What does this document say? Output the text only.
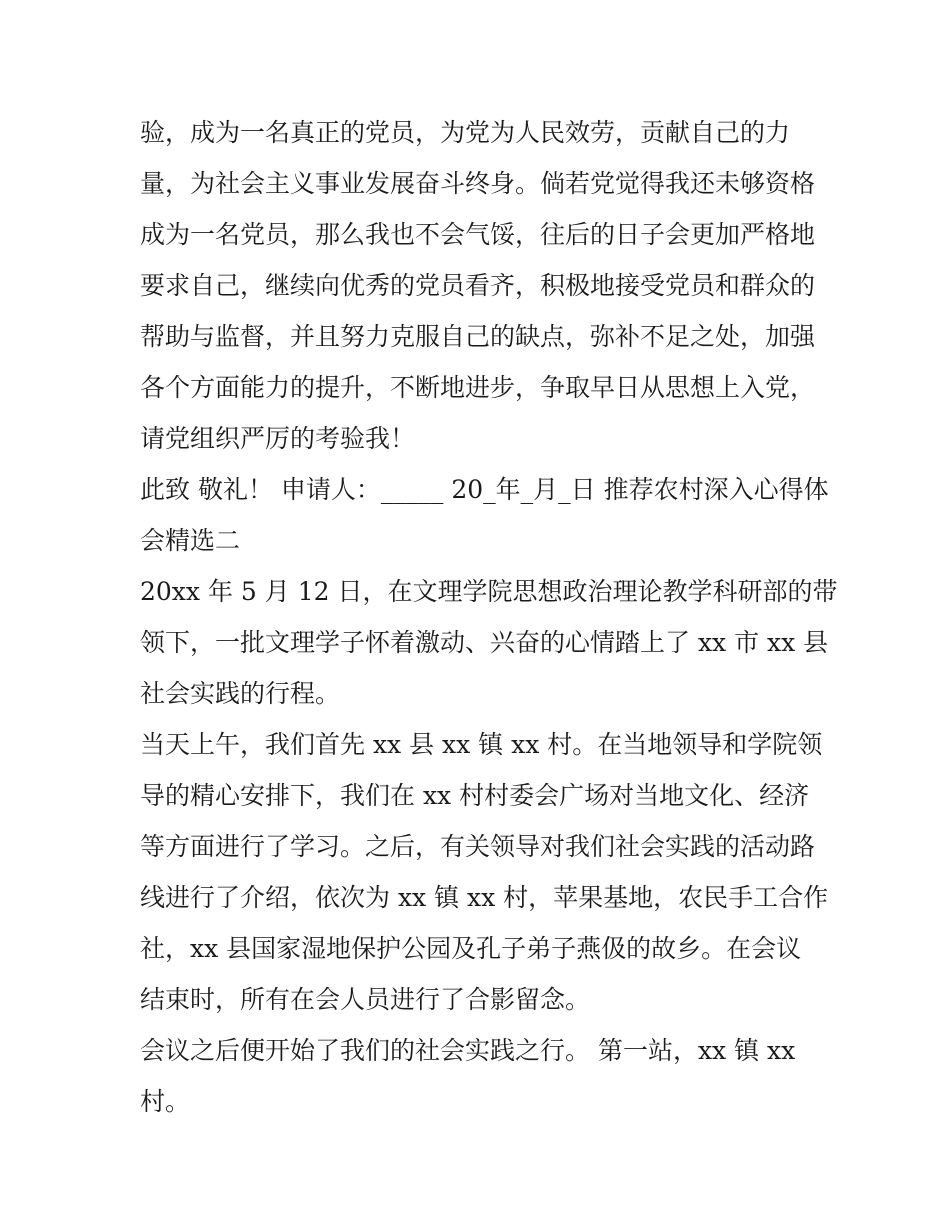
验，成为一名真正的党员，为党为人民效劳，贡献自己的力
量，为社会主义事业发展奋斗终身。倘若党觉得我还未够资格
成为一名党员，那么我也不会气馁，往后的日子会更加严格地
要求自己，继续向优秀的党员看齐，积极地接受党员和群众的
帮助与监督，并且努力克服自己的缺点，弥补不足之处，加强
各个方面能力的提升，不断地进步，争取早日从思想上入党，
请党组织严厉的考验我！
此致 敬礼！ 申请人：_____ 20_年_月_日 推荐农村深入心得体
会精选二
20xx 年 5 月 12 日，在文理学院思想政治理论教学科研部的带
领下，一批文理学子怀着激动、兴奋的心情踏上了 xx 市 xx 县
社会实践的行程。
当天上午，我们首先 xx 县 xx 镇 xx 村。在当地领导和学院领
导的精心安排下，我们在 xx 村村委会广场对当地文化、经济
等方面进行了学习。之后，有关领导对我们社会实践的活动路
线进行了介绍，依次为 xx 镇 xx 村，苹果基地，农民手工合作
社，xx 县国家湿地保护公园及孔子弟子燕伋的故乡。在会议
结束时，所有在会人员进行了合影留念。
会议之后便开始了我们的社会实践之行。 第一站，xx 镇 xx
村。
